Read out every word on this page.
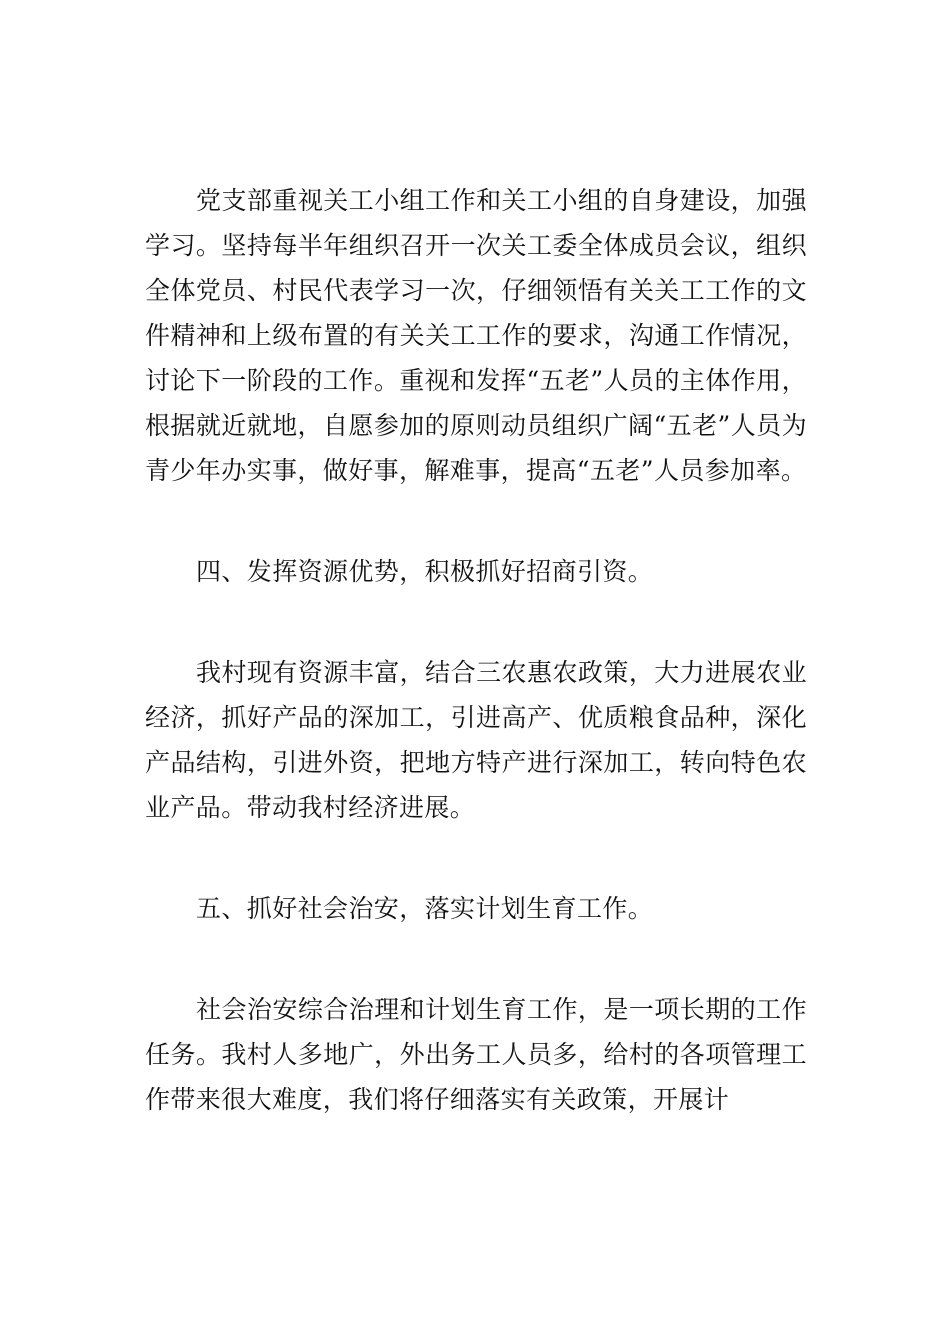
党支部重视关工小组工作和关工小组的自身建设，加强学习。坚持每半年组织召开一次关工委全体成员会议，组织全体党员、村民代表学习一次，仔细领悟有关关工工作的文件精神和上级布置的有关关工工作的要求，沟通工作情况，讨论下一阶段的工作。重视和发挥“五老”人员的主体作用，根据就近就地，自愿参加的原则动员组织广阔“五老”人员为青少年办实事，做好事，解难事，提高“五老”人员参加率。

四、发挥资源优势，积极抓好招商引资。

我村现有资源丰富，结合三农惠农政策，大力进展农业经济，抓好产品的深加工，引进高产、优质粮食品种，深化产品结构，引进外资，把地方特产进行深加工，转向特色农业产品。带动我村经济进展。

五、抓好社会治安，落实计划生育工作。

社会治安综合治理和计划生育工作，是一项长期的工作任务。我村人多地广，外出务工人员多，给村的各项管理工作带来很大难度，我们将仔细落实有关政策，开展计
